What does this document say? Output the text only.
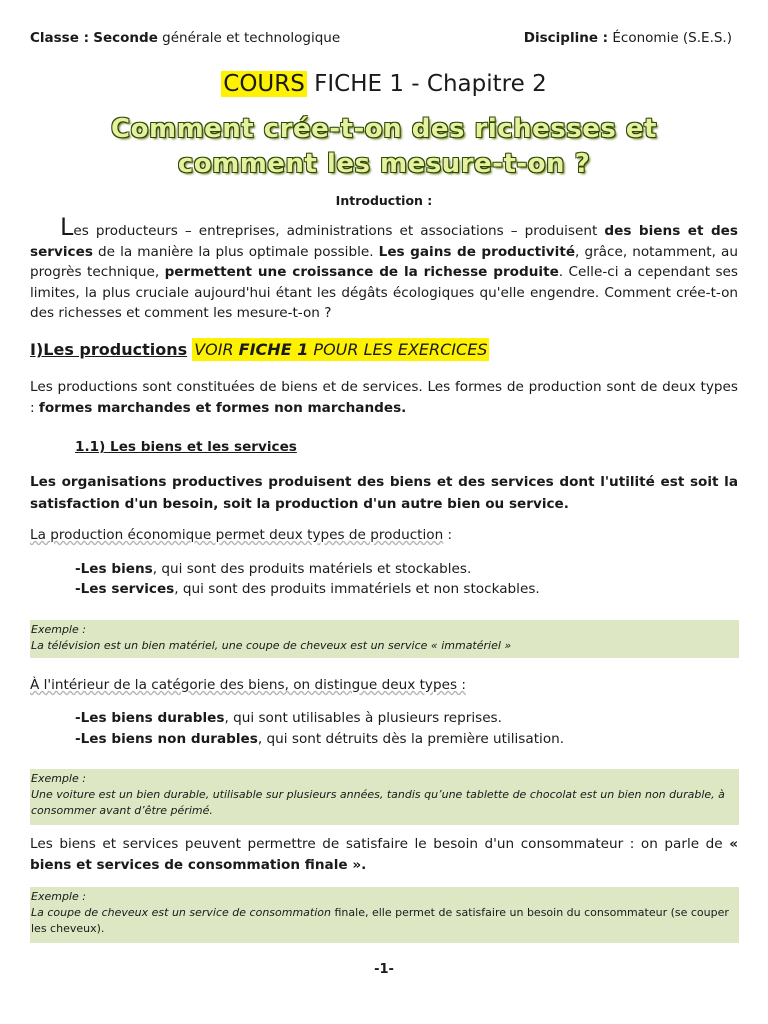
Classe : Seconde générale et technologique	Discipline : Économie (S.E.S.)
COURS FICHE 1 - Chapitre 2
Comment crée-t-on des richesses et
comment les mesure-t-on ?
Introduction :
Les producteurs – entreprises, administrations et associations – produisent des biens et des services de la manière la plus optimale possible. Les gains de productivité, grâce, notamment, au progrès technique, permettent une croissance de la richesse produite. Celle-ci a cependant ses limites, la plus cruciale aujourd'hui étant les dégâts écologiques qu'elle engendre. Comment crée-t-on des richesses et comment les mesure-t-on ?
I)Les productions VOIR FICHE 1 POUR LES EXERCICES
Les productions sont constituées de biens et de services. Les formes de production sont de deux types : formes marchandes et formes non marchandes.
1.1) Les biens et les services
Les organisations productives produisent des biens et des services dont l'utilité est soit la satisfaction d'un besoin, soit la production d'un autre bien ou service.
La production économique permet deux types de production :
-Les biens, qui sont des produits matériels et stockables.
-Les services, qui sont des produits immatériels et non stockables.
Exemple :
La télévision est un bien matériel, une coupe de cheveux est un service « immatériel »
À l'intérieur de la catégorie des biens, on distingue deux types :
-Les biens durables, qui sont utilisables à plusieurs reprises.
-Les biens non durables, qui sont détruits dès la première utilisation.
Exemple :
Une voiture est un bien durable, utilisable sur plusieurs années, tandis qu’une tablette de chocolat est un bien non durable, à consommer avant d’être périmé.
Les biens et services peuvent permettre de satisfaire le besoin d'un consommateur : on parle de « biens et services de consommation finale ».
Exemple :
La coupe de cheveux est un service de consommation finale, elle permet de satisfaire un besoin du consommateur (se couper les cheveux).
-1-
